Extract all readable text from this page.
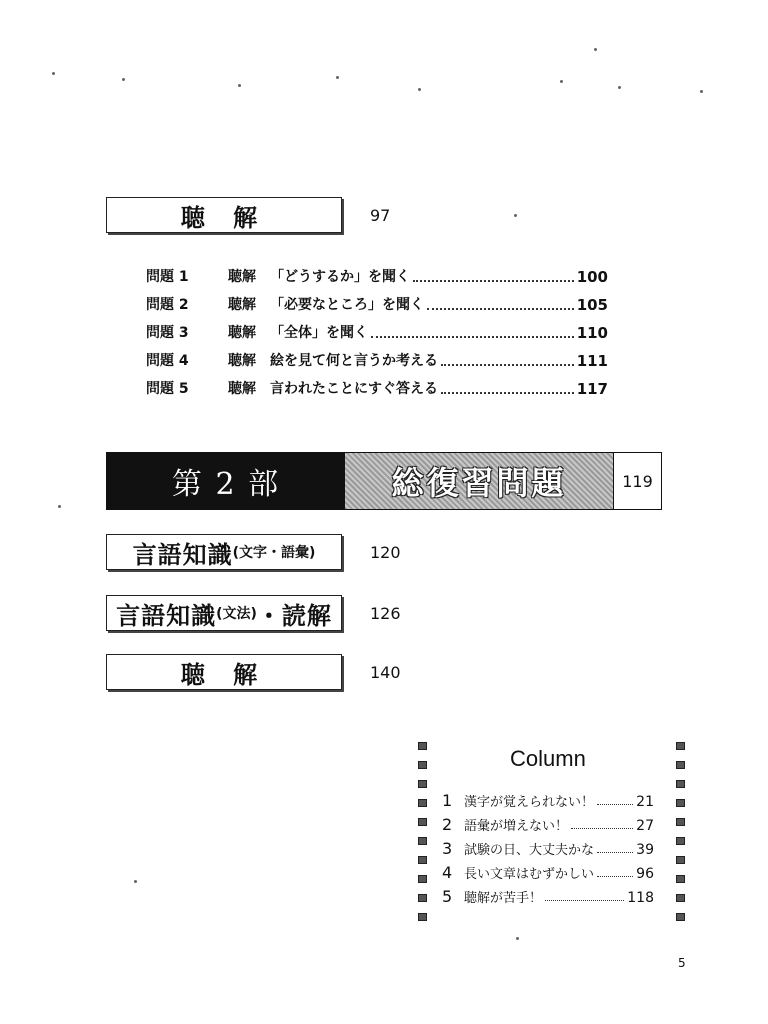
聴 解	97
問題 1	聴解	「どうするか」を聞く	100
問題 2	聴解	「必要なところ」を聞く	105
問題 3	聴解	「全体」を聞く	110
問題 4	聴解	絵を見て何と言うか考える	111
問題 5	聴解	言われたことにすぐ答える	117
第 2 部	総復習問題	119
言語知識 (文字・語彙)	120
言語知識 (文法) ・読解 126
聴 解	140
Column
1 漢字が覚えられない！	21
2 語彙が増えない！	27
3 試験の日、大丈夫かな	39
4 長い文章はむずかしい	96
5 聴解が苦手！	118
5
